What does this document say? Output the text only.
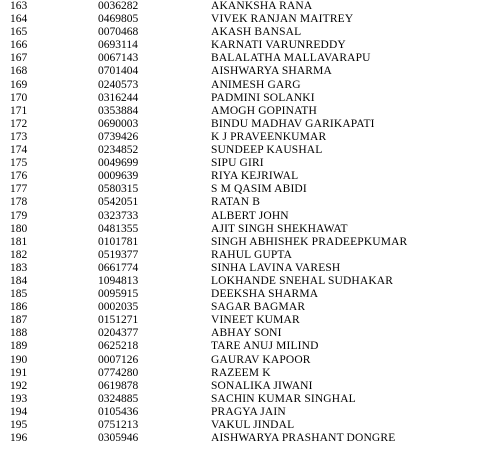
163	0036282	AKANKSHA RANA
164	0469805	VIVEK RANJAN MAITREY
165	0070468	AKASH BANSAL
166	0693114	KARNATI VARUNREDDY
167	0067143	BALALATHA MALLAVARAPU
168	0701404	AISHWARYA SHARMA
169	0240573	ANIMESH GARG
170	0316244	PADMINI SOLANKI
171	0353884	AMOGH GOPINATH
172	0690003	BINDU MADHAV GARIKAPATI
173	0739426	K J PRAVEENKUMAR
174	0234852	SUNDEEP KAUSHAL
175	0049699	SIPU GIRI
176	0009639	RIYA KEJRIWAL
177	0580315	S M QASIM ABIDI
178	0542051	RATAN B
179	0323733	ALBERT JOHN
180	0481355	AJIT SINGH SHEKHAWAT
181	0101781	SINGH ABHISHEK PRADEEPKUMAR
182	0519377	RAHUL GUPTA
183	0661774	SINHA LAVINA VARESH
184	1094813	LOKHANDE SNEHAL SUDHAKAR
185	0095915	DEEKSHA SHARMA
186	0002035	SAGAR BAGMAR
187	0151271	VINEET KUMAR
188	0204377	ABHAY SONI
189	0625218	TARE ANUJ MILIND
190	0007126	GAURAV KAPOOR
191	0774280	RAZEEM K
192	0619878	SONALIKA JIWANI
193	0324885	SACHIN KUMAR SINGHAL
194	0105436	PRAGYA JAIN
195	0751213	VAKUL JINDAL
196	0305946	AISHWARYA PRASHANT DONGRE
